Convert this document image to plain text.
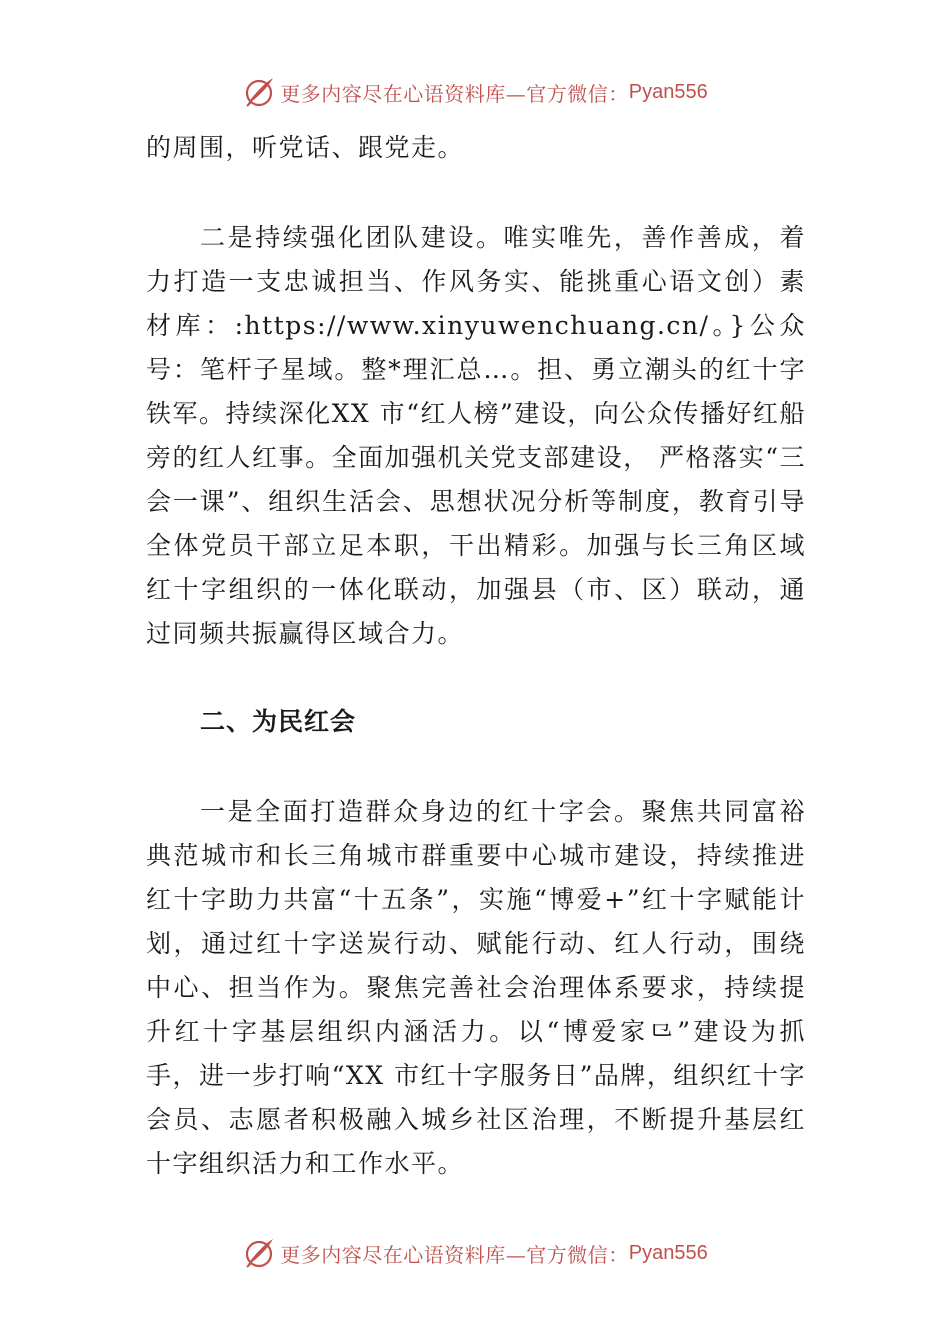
更多内容尽在心语资料库—官方微信： Pyan556

的周围，听党话、跟党走。

二是持续强化团队建设。唯实唯先，善作善成，着力打造一支忠诚担当、作风务实、能挑重心语文创）素材库：:https://www.xinyuwenchuang.cn/。}公众号：笔杆子星域。整*理汇总…。担、勇立潮头的红十字铁军。持续深化XX 市“红人榜”建设，向公众传播好红船旁的红人红事。全面加强机关党支部建设， 严格落实“三会一课”、组织生活会、思想状况分析等制度，教育引导全体党员干部立足本职，干出精彩。加强与长三角区域红十字组织的一体化联动，加强县（市、区）联动，通过同频共振赢得区域合力。

二、为民红会

一是全面打造群众身边的红十字会。聚焦共同富裕典范城市和长三角城市群重要中心城市建设，持续推进红十字助力共富“十五条”，实施“博爱+”红十字赋能计划，通过红十字送炭行动、赋能行动、红人行动，围绕中心、担当作为。聚焦完善社会治理体系要求，持续提升红十字基层组织内涵活力。以“博爱家⺋”建设为抓手，进一步打响“XX 市红十字服务日”品牌，组织红十字会员、志愿者积极融入城乡社区治理，不断提升基层红十字组织活力和工作水平。

更多内容尽在心语资料库—官方微信： Pyan556
